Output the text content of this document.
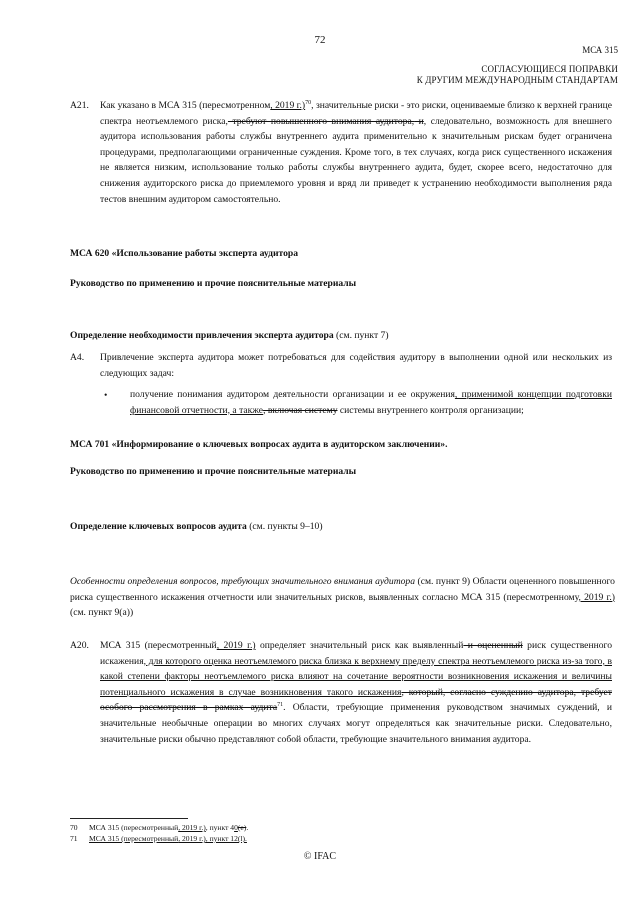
72
МСА 315
СОГЛАСУЮЩИЕСЯ ПОПРАВКИ
К ДРУГИМ МЕЖДУНАРОДНЫМ СТАНДАРТАМ
A21. Как указано в МСА 315 (пересмотренном, 2019 г.)$^{70}$, значительные риски - это риски, оцениваемые близко к верхней границе спектра неотъемлемого риска, требуют повышенного внимания аудитора, и, следовательно, возможность для внешнего аудитора использования работы службы внутреннего аудита применительно к значительным рискам будет ограничена процедурами, предполагающими ограниченные суждения. Кроме того, в тех случаях, когда риск существенного искажения не является низким, использование только работы службы внутреннего аудита, будет, скорее всего, недостаточно для снижения аудиторского риска до приемлемого уровня и вряд ли приведет к устранению необходимости выполнения ряда тестов внешним аудитором самостоятельно.
МСА 620 «Использование работы эксперта аудитора
Руководство по применению и прочие пояснительные материалы
Определение необходимости привлечения эксперта аудитора (см. пункт 7)
A4. Привлечение эксперта аудитора может потребоваться для содействия аудитору в выполнении одной или нескольких из следующих задач:
• получение понимания аудитором деятельности организации и ее окружения, применимой концепции подготовки финансовой отчетности, а также, включая систему системы внутреннего контроля организации;
МСА 701 «Информирование о ключевых вопросах аудита в аудиторском заключении».
Руководство по применению и прочие пояснительные материалы
Определение ключевых вопросов аудита (см. пункты 9–10)
Особенности определения вопросов, требующих значительного внимания аудитора (см. пункт 9) Области оцененного повышенного риска существенного искажения отчетности или значительных рисков, выявленных согласно МСА 315 (пересмотренному, 2019 г.) (см. пункт 9(a))
A20. МСА 315 (пересмотренный, 2019 г.) определяет значительный риск как выявленный и оцененный риск существенного искажения, для которого оценка неотъемлемого риска близка к верхнему пределу спектра неотъемлемого риска из-за того, в какой степени факторы неотъемлемого риска влияют на сочетание вероятности возникновения искажения и величины потенциального искажения в случае возникновения такого искажения, который, согласно суждению аудитора, требует особого рассмотрения в рамках аудита$^{71}$. Области, требующие применения руководством значимых суждений, и значительные необычные операции во многих случаях могут определяться как значительные риски. Следовательно, значительные риски обычно представляют собой области, требующие значительного внимания аудитора.
70 МСА 315 (пересмотренный, 2019 г.), пункт 40(е).
71 МСА 315 (пересмотренный, 2019 г.), пункт 12(l).
© IFAC
